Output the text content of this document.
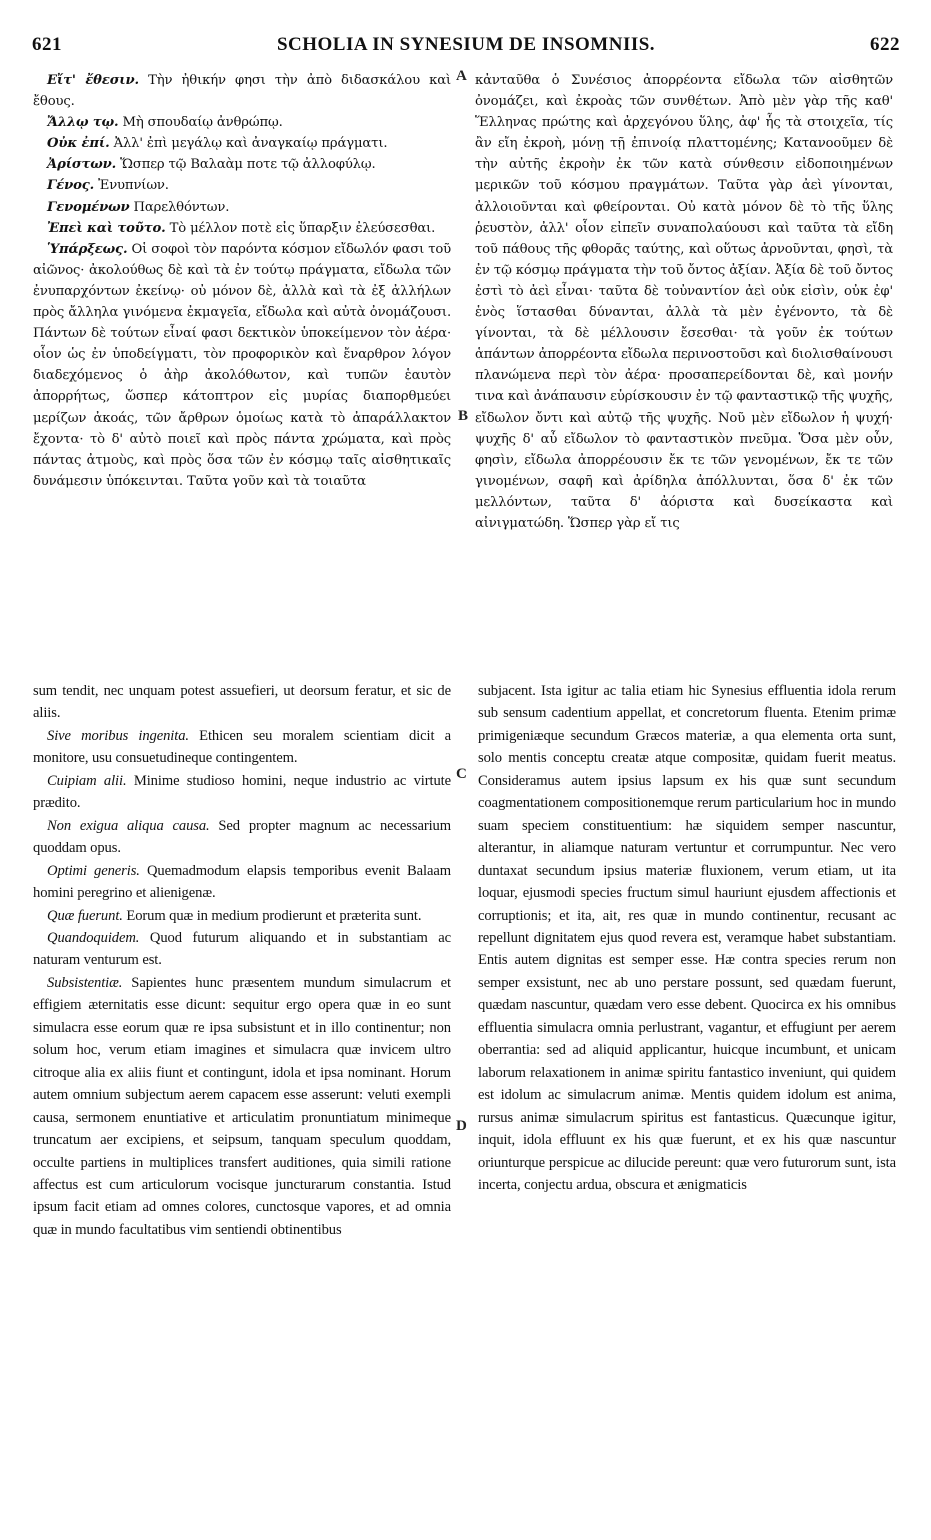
621	SCHOLIA IN SYNESIUM DE INSOMNIIS.	622
A
B
C
D

Εἴτ' ἔθεσιν. Τὴν ἠθικήν φησι τὴν ἀπὸ διδασκάλου καὶ ἔθους.

Ἄλλῳ τῳ. Μὴ σπουδαίῳ ἀνθρώπῳ.

Οὐκ ἐπί. Ἀλλ' ἐπὶ μεγάλῳ καὶ ἀναγκαίῳ πράγματι.

Ἀρίστων. Ὥσπερ τῷ Βαλαὰμ ποτε τῷ ἀλλοφύλῳ.

Γένος. Ἐνυπνίων.

Γενομένων Παρελθόντων.

Ἐπεὶ καὶ τοῦτο. Τὸ μέλλον ποτὲ εἰς ὕπαρξιν ἐλεύσεσθαι.

Ὑπάρξεως. Οἱ σοφοὶ τὸν παρόντα κόσμον εἴδωλόν φασι τοῦ αἰῶνος· ἀκολούθως δὲ καὶ τὰ ἐν τούτῳ πράγματα, εἴδωλα τῶν ἐνυπαρχόντων ἐκείνῳ· οὐ μόνον δὲ, ἀλλὰ καὶ τὰ ἐξ ἀλλήλων πρὸς ἄλληλα γινόμενα ἐκμαγεῖα, εἴδωλα καὶ αὐτὰ ὀνομάζουσι. Πάντων δὲ τούτων εἶναί φασι δεκτικὸν ὑποκείμενον τὸν ἀέρα· οἷον ὡς ἐν ὑποδείγματι, τὸν προφορικὸν καὶ ἔναρθρον λόγον διαδεχόμενος ὁ ἀὴρ ἀκολόθωτον, καὶ τυπῶν ἑαυτὸν ἀπορρήτως, ὥσπερ κάτοπτρον εἰς μυρίας διαπορθμεύει μερίζων ἀκοάς, τῶν ἄρθρων ὁμοίως κατὰ τὸ ἀπαράλλακτον ἔχοντα· τὸ δ' αὐτὸ ποιεῖ καὶ πρὸς πάντα χρώματα, καὶ πρὸς πάντας ἀτμοὺς, καὶ πρὸς ὅσα τῶν ἐν κόσμῳ ταῖς αἰσθητικαῖς δυνάμεσιν ὑπόκεινται. Ταῦτα γοῦν καὶ τὰ τοιαῦτα

κἀνταῦθα ὁ Συνέσιος ἀπορρέοντα εἴδωλα τῶν αἰσθητῶν ὀνομάζει, καὶ ἐκροὰς τῶν συνθέτων. Ἀπὸ μὲν γὰρ τῆς καθ' Ἕλληνας πρώτης καὶ ἀρχεγόνου ὕλης, ἀφ' ἧς τὰ στοιχεῖα, τίς ἂν εἴη ἐκροὴ, μόνῃ τῇ ἐπινοίᾳ πλαττομένης; Κατανοοῦμεν δὲ τὴν αὐτῆς ἐκροὴν ἐκ τῶν κατὰ σύνθεσιν εἰδοποιημένων μερικῶν τοῦ κόσμου πραγμάτων. Ταῦτα γὰρ ἀεὶ γίνονται, ἀλλοιοῦνται καὶ φθείρονται. Οὐ κατὰ μόνον δὲ τὸ τῆς ὕλης ῥευστὸν, ἀλλ' οἷον εἰπεῖν συναπολαύουσι καὶ ταῦτα τὰ εἴδη τοῦ πάθους τῆς φθορᾶς ταύτης, καὶ οὕτως ἀρνοῦνται, φησὶ, τὰ ἐν τῷ κόσμῳ πράγματα τὴν τοῦ ὄντος ἀξίαν. Ἀξία δὲ τοῦ ὄντος ἐστὶ τὸ ἀεὶ εἶναι· ταῦτα δὲ τοὐναντίον ἀεὶ οὐκ εἰσὶν, οὐκ ἐφ' ἑνὸς ἵστασθαι δύνανται, ἀλλὰ τὰ μὲν ἐγένοντο, τὰ δὲ γίνονται, τὰ δὲ μέλλουσιν ἔσεσθαι· τὰ γοῦν ἐκ τούτων ἁπάντων ἀπορρέοντα εἴδωλα περινοστοῦσι καὶ διολισθαίνουσι πλανώμενα περὶ τὸν ἀέρα· προσαπερείδονται δὲ, καὶ μονήν τινα καὶ ἀνάπαυσιν εὑρίσκουσιν ἐν τῷ φανταστικῷ τῆς ψυχῆς, εἴδωλον ὄντι καὶ αὐτῷ τῆς ψυχῆς. Νοῦ μὲν εἴδωλον ἡ ψυχή· ψυχῆς δ' αὖ εἴδωλον τὸ φανταστικὸν πνεῦμα. Ὅσα μὲν οὖν, φησὶν, εἴδωλα ἀπορρέουσιν ἔκ τε τῶν γενομένων, ἔκ τε τῶν γινομένων, σαφῆ καὶ ἀρίδηλα ἀπόλλυνται, ὅσα δ' ἐκ τῶν μελλόντων, ταῦτα δ' ἀόριστα καὶ δυσείκαστα καὶ αἰνιγματώδη. Ὥσπερ γὰρ εἴ τις

sum tendit, nec unquam potest assuefieri, ut deorsum feratur, et sic de aliis.

Sive moribus ingenita. Ethicen seu moralem scientiam dicit a monitore, usu consuetudineque contingentem.

Cuipiam alii. Minime studioso homini, neque industrio ac virtute prædito.

Non exigua aliqua causa. Sed propter magnum ac necessarium quoddam opus.

Optimi generis. Quemadmodum elapsis temporibus evenit Balaam homini peregrino et alienigenæ.

Quæ fuerunt. Eorum quæ in medium prodierunt et præterita sunt.

Quandoquidem. Quod futurum aliquando et in substantiam ac naturam venturum est.

Subsistentiæ. Sapientes hunc præsentem mundum simulacrum et effigiem æternitatis esse dicunt: sequitur ergo opera quæ in eo sunt simulacra esse eorum quæ re ipsa subsistunt et in illo continentur; non solum hoc, verum etiam imagines et simulacra quæ invicem ultro citroque alia ex aliis fiunt et contingunt, idola et ipsa nominant. Horum autem omnium subjectum aerem capacem esse asserunt: veluti exempli causa, sermonem enuntiative et articulatim pronuntiatum minimeque truncatum aer excipiens, et seipsum, tanquam speculum quoddam, occulte partiens in multiplices transfert auditiones, quia simili ratione affectus est cum articulorum vocisque juncturarum constantia. Istud ipsum facit etiam ad omnes colores, cunctosque vapores, et ad omnia quæ in mundo facultatibus vim sentiendi obtinentibus

subjacent. Ista igitur ac talia etiam hic Synesius effluentia idola rerum sub sensum cadentium appellat, et concretorum fluenta. Etenim primæ primigeniæque secundum Græcos materiæ, a qua elementa orta sunt, solo mentis conceptu creatæ atque compositæ, quidam fuerit meatus. Consideramus autem ipsius lapsum ex his quæ sunt secundum coagmentationem compositionemque rerum particularium hoc in mundo suam speciem constituentium: hæ siquidem semper nascuntur, alterantur, in aliamque naturam vertuntur et corrumpuntur. Nec vero duntaxat secundum ipsius materiæ fluxionem, verum etiam, ut ita loquar, ejusmodi species fructum simul hauriunt ejusdem affectionis et corruptionis; et ita, ait, res quæ in mundo continentur, recusant ac repellunt dignitatem ejus quod revera est, veramque habet substantiam. Entis autem dignitas est semper esse. Hæ contra species rerum non semper exsistunt, nec ab uno perstare possunt, sed quædam fuerunt, quædam nascuntur, quædam vero esse debent. Quocirca ex his omnibus effluentia simulacra omnia perlustrant, vagantur, et effugiunt per aerem oberrantia: sed ad aliquid applicantur, huicque incumbunt, et unicam laborum relaxationem in animæ spiritu fantastico inveniunt, qui quidem est idolum ac simulacrum animæ. Mentis quidem idolum est anima, rursus animæ simulacrum spiritus est fantasticus. Quæcunque igitur, inquit, idola effluunt ex his quæ fuerunt, et ex his quæ nascuntur oriunturque perspicue ac dilucide pereunt: quæ vero futurorum sunt, ista incerta, conjectu ardua, obscura et ænigmaticis
